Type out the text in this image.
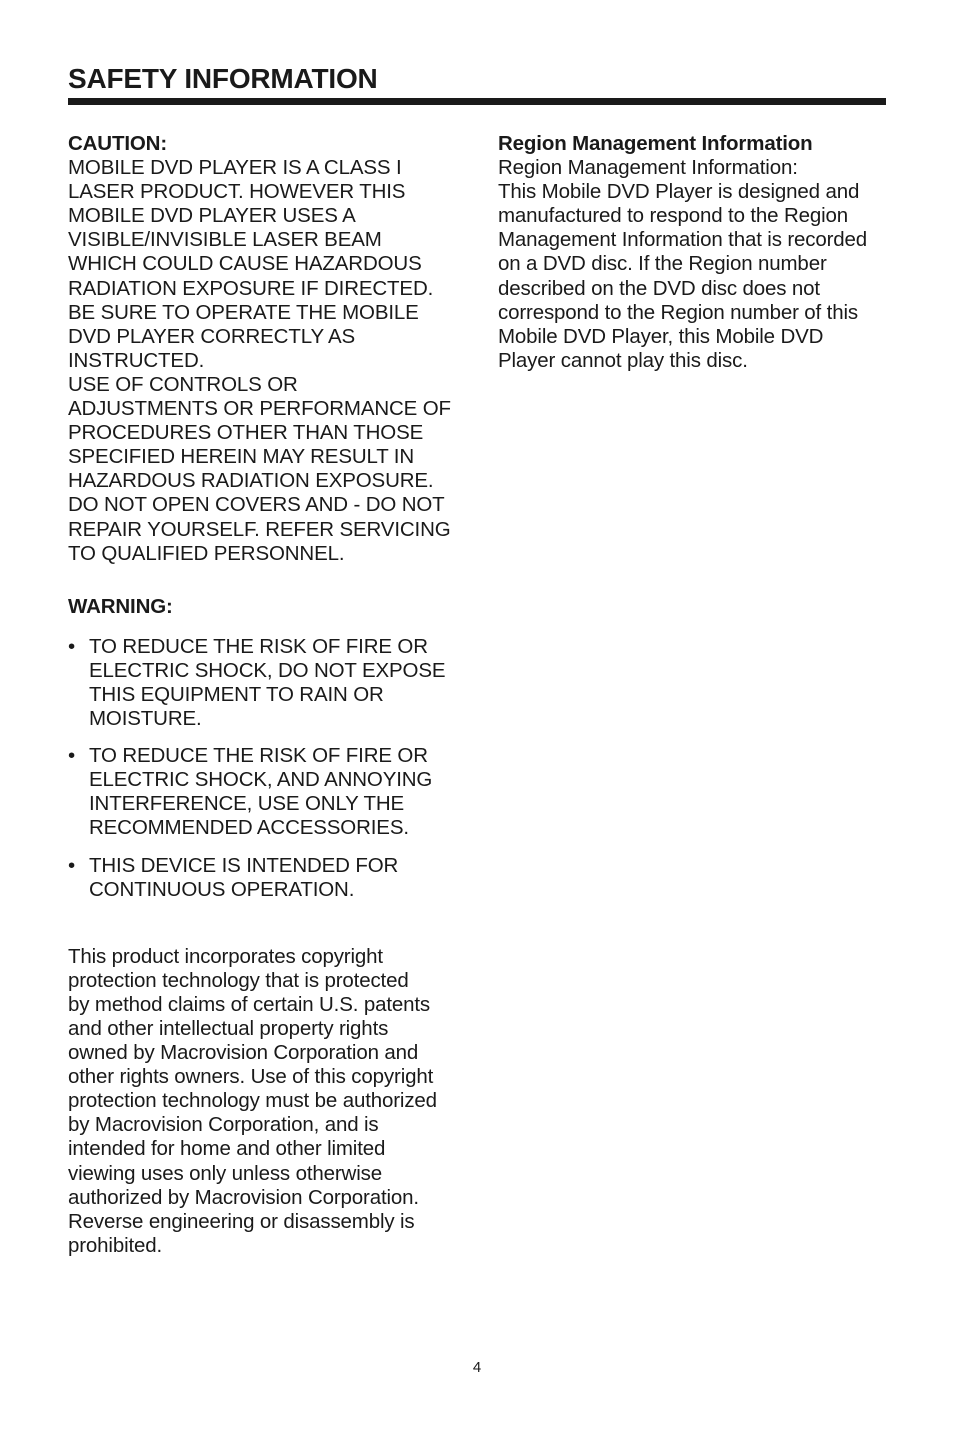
SAFETY INFORMATION
CAUTION:
MOBILE DVD PLAYER IS A CLASS I
LASER PRODUCT. HOWEVER THIS
MOBILE DVD PLAYER USES A
VISIBLE/INVISIBLE LASER BEAM
WHICH COULD CAUSE HAZARDOUS
RADIATION EXPOSURE IF DIRECTED.
BE SURE TO OPERATE THE MOBILE
DVD PLAYER CORRECTLY AS
INSTRUCTED.
USE OF CONTROLS OR
ADJUSTMENTS OR PERFORMANCE OF
PROCEDURES OTHER THAN THOSE
SPECIFIED HEREIN MAY RESULT IN
HAZARDOUS RADIATION EXPOSURE.
DO NOT OPEN COVERS AND - DO NOT
REPAIR YOURSELF. REFER SERVICING
TO QUALIFIED PERSONNEL.
WARNING:
• TO REDUCE THE RISK OF FIRE OR
ELECTRIC SHOCK, DO NOT EXPOSE
THIS EQUIPMENT TO RAIN OR
MOISTURE.
• TO REDUCE THE RISK OF FIRE OR
ELECTRIC SHOCK, AND ANNOYING
INTERFERENCE, USE ONLY THE
RECOMMENDED ACCESSORIES.
• THIS DEVICE IS INTENDED FOR
CONTINUOUS OPERATION.
This product incorporates copyright
protection technology that is protected
by method claims of certain U.S. patents
and other intellectual property rights
owned by Macrovision Corporation and
other rights owners. Use of this copyright
protection technology must be authorized
by Macrovision Corporation, and is
intended for home and other limited
viewing uses only unless otherwise
authorized by Macrovision Corporation.
Reverse engineering or disassembly is
prohibited.
Region Management Information
Region Management Information:
This Mobile DVD Player is designed and
manufactured to respond to the Region
Management Information that is recorded
on a DVD disc. If the Region number
described on the DVD disc does not
correspond to the Region number of this
Mobile DVD Player, this Mobile DVD
Player cannot play this disc.
4
